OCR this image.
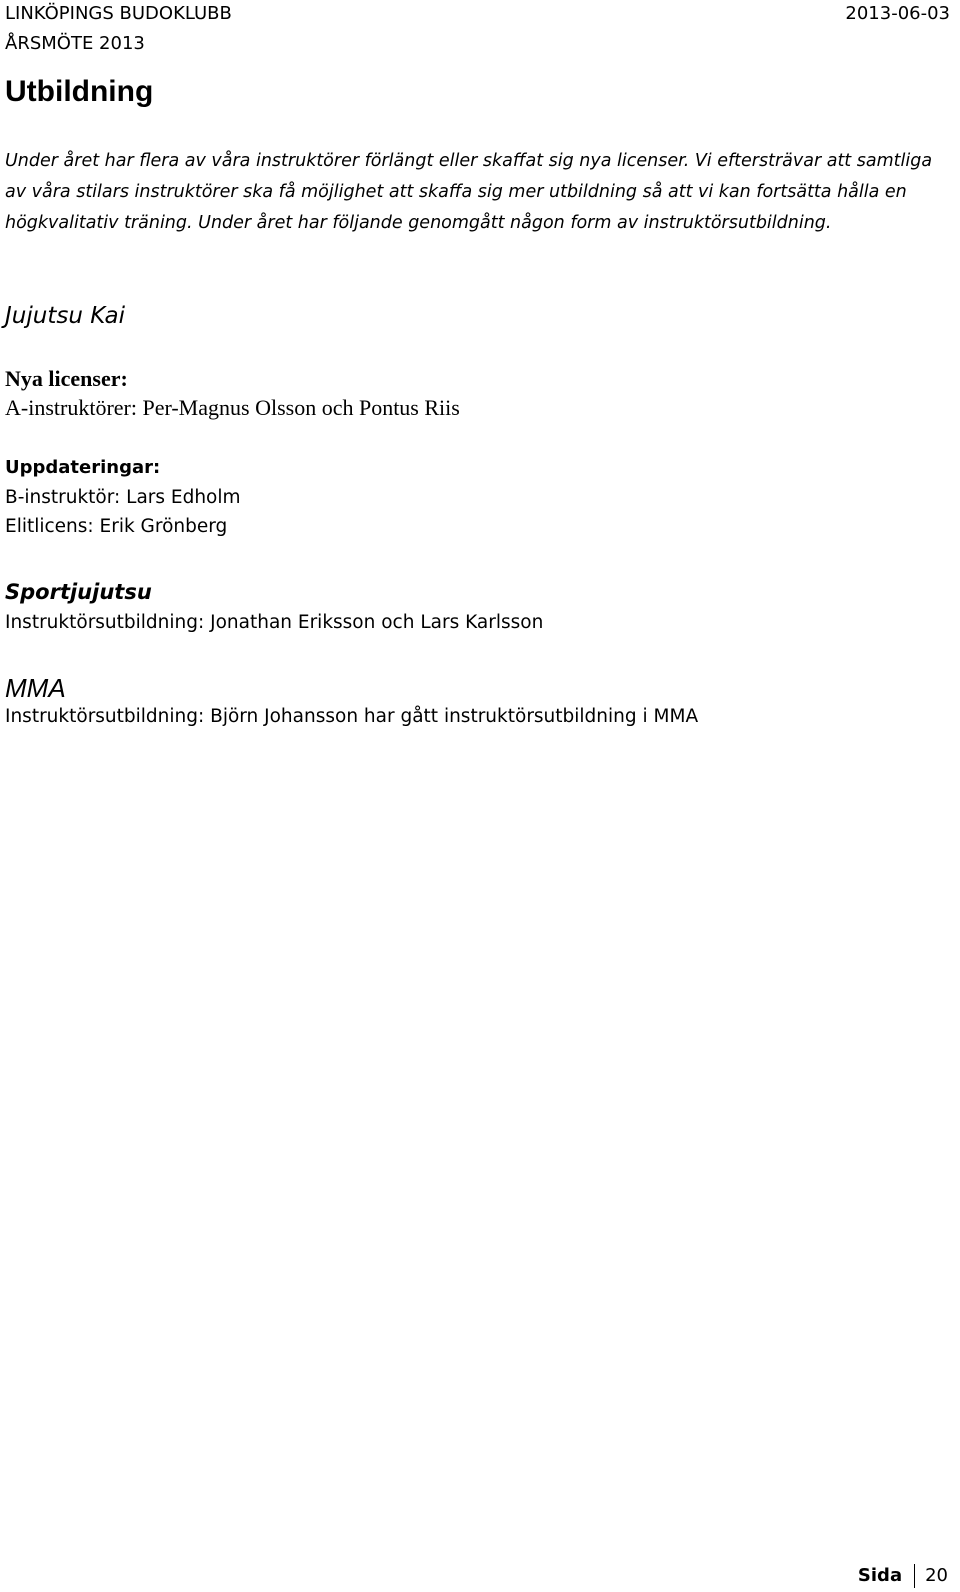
LINKÖPINGS BUDOKLUBB	2013-06-03
ÅRSMÖTE 2013
Utbildning
Under året har flera av våra instruktörer förlängt eller skaffat sig nya licenser. Vi eftersträvar att samtliga av våra stilars instruktörer ska få möjlighet att skaffa sig mer utbildning så att vi kan fortsätta hålla en högkvalitativ träning. Under året har följande genomgått någon form av instruktörsutbildning.
Jujutsu Kai
Nya licenser:
A-instruktörer: Per-Magnus Olsson och Pontus Riis
Uppdateringar:
B-instruktör: Lars Edholm
Elitlicens: Erik Grönberg
Sportjujutsu
Instruktörsutbildning: Jonathan Eriksson och Lars Karlsson
MMA
Instruktörsutbildning: Björn Johansson har gått instruktörsutbildning i MMA
Sida 20
